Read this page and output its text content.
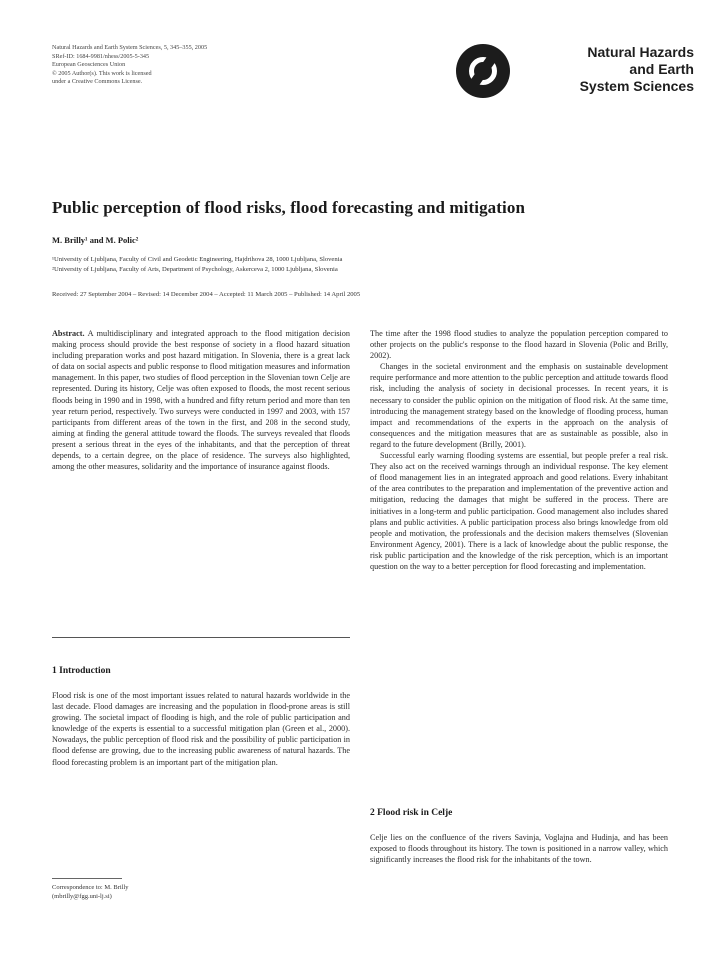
Natural Hazards and Earth System Sciences, 5, 345–355, 2005
SRef-ID: 1684-9981/nhess/2005-5-345
European Geosciences Union
© 2005 Author(s). This work is licensed
under a Creative Commons License.
Natural Hazards
and Earth
System Sciences
Public perception of flood risks, flood forecasting and mitigation
M. Brilly¹ and M. Polic²
¹University of Ljubljana, Faculty of Civil and Geodetic Engineering, Hajdrihova 28, 1000 Ljubljana, Slovenia
²University of Ljubljana, Faculty of Arts, Department of Psychology, Askerceva 2, 1000 Ljubljana, Slovenia
Received: 27 September 2004 – Revised: 14 December 2004 – Accepted: 11 March 2005 – Published: 14 April 2005

Abstract. A multidisciplinary and integrated approach to the flood mitigation decision making process should provide the best response of society in a flood hazard situation including preparation works and post hazard mitigation. In Slovenia, there is a great lack of data on social aspects and public response to flood mitigation measures and information management. In this paper, two studies of flood perception in the Slovenian town Celje are represented. During its history, Celje was often exposed to floods, the most recent serious floods being in 1990 and in 1998, with a hundred and fifty return period and more than ten year return period, respectively. Two surveys were conducted in 1997 and 2003, with 157 participants from different areas of the town in the first, and 208 in the second study, aiming at finding the general attitude toward the floods. The surveys revealed that floods present a serious threat in the eyes of the inhabitants, and that the perception of threat depends, to a certain degree, on the place of residence. The surveys also highlighted, among the other measures, solidarity and the importance of insurance against floods.

1 Introduction

Flood risk is one of the most important issues related to natural hazards worldwide in the last decade. Flood damages are increasing and the population in flood-prone areas is still growing. The societal impact of flooding is high, and the role of public participation and knowledge of the experts is essential to a successful mitigation plan (Green et al., 2000). Nowadays, the public perception of flood risk and the possibility of public participation in flood defense are growing, due to the increasing public awareness of natural hazards. The flood forecasting problem is an important part of the mitigation plan.

Correspondence to: M. Brilly
(mbrilly@fgg.uni-lj.si)

The time after the 1998 flood studies to analyze the population perception compared to other projects on the public's response to the flood hazard in Slovenia (Polic and Brilly, 2002).

Changes in the societal environment and the emphasis on sustainable development require performance and more attention to the public perception and attitude towards flood risk, including the analysis of society in decisional processes. In recent years, it is necessary to consider the public opinion on the mitigation of flood risk. At the same time, introducing the management strategy based on the knowledge of flooding process, human impact and recommendations of the experts in the approach on the analysis of consequences and the mitigation measures that are as sustainable as possible, also in regard to the future development (Brilly, 2001).

Successful early warning flooding systems are essential, but people prefer a real risk. They also act on the received warnings through an individual response. The key element of flood management lies in an integrated approach and good relations. Every inhabitant of the area contributes to the preparation and implementation of the preventive action and mitigation, reducing the damages that might be suffered in the process. There are initiatives in a long-term and public participation. Good management also includes shared plans and public activities. A public participation process also brings knowledge from old people and motivation, the professionals and the decision makers themselves (Slovenian Environment Agency, 2001). There is a lack of knowledge about the public response, the risk public participation and the knowledge of the risk perception, which is an important question on the way to a better perception for flood forecasting and implementation.

2 Flood risk in Celje

Celje lies on the confluence of the rivers Savinja, Voglajna and Hudinja, and has been exposed to floods throughout its history. The town is positioned in a narrow valley, which significantly increases the flood risk for the inhabitants of the town.
